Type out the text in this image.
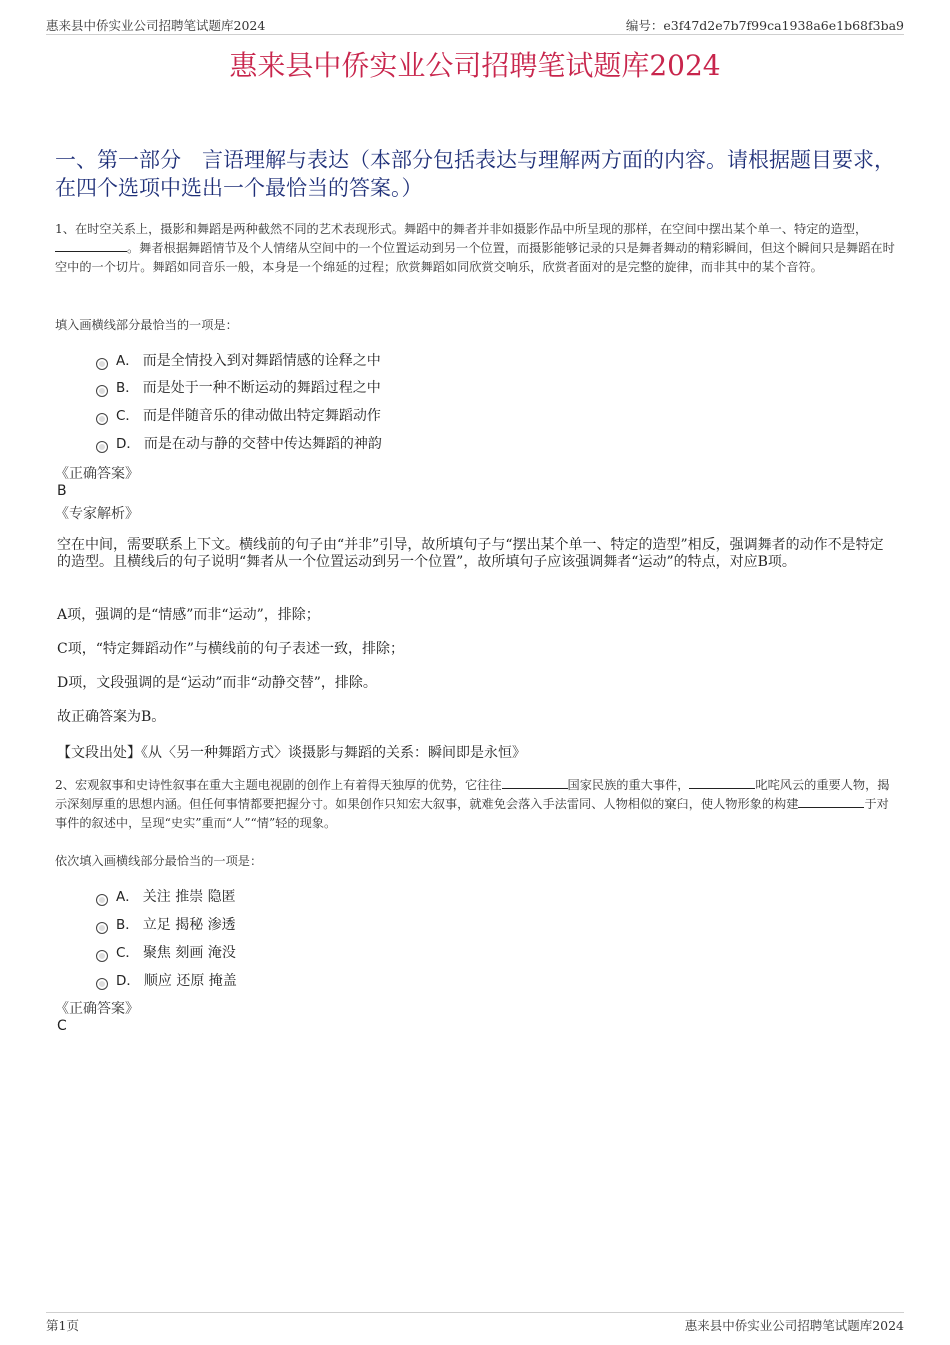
惠来县中侨实业公司招聘笔试题库2024	编号：e3f47d2e7b7f99ca1938a6e1b68f3ba9
惠来县中侨实业公司招聘笔试题库2024
一、第一部分　言语理解与表达（本部分包括表达与理解两方面的内容。请根据题目要求，在四个选项中选出一个最恰当的答案。）
1、在时空关系上，摄影和舞蹈是两种截然不同的艺术表现形式。舞蹈中的舞者并非如摄影作品中所呈现的那样，在空间中摆出某个单一、特定的造型，。舞者根据舞蹈情节及个人情绪从空间中的一个位置运动到另一个位置，而摄影能够记录的只是舞者舞动的精彩瞬间，但这个瞬间只是舞蹈在时空中的一个切片。舞蹈如同音乐一般，本身是一个绵延的过程；欣赏舞蹈如同欣赏交响乐，欣赏者面对的是完整的旋律，而非其中的某个音符。
填入画横线部分最恰当的一项是：
A． 而是全情投入到对舞蹈情感的诠释之中
B． 而是处于一种不断运动的舞蹈过程之中
C． 而是伴随音乐的律动做出特定舞蹈动作
D． 而是在动与静的交替中传达舞蹈的神韵
《正确答案》
B
《专家解析》
空在中间，需要联系上下文。横线前的句子由“并非”引导，故所填句子与“摆出某个单一、特定的造型”相反，强调舞者的动作不是特定的造型。且横线后的句子说明“舞者从一个位置运动到另一个位置”，故所填句子应该强调舞者“运动”的特点，对应B项。
A项，强调的是“情感”而非“运动”，排除；
C项，“特定舞蹈动作”与横线前的句子表述一致，排除；
D项，文段强调的是“运动”而非“动静交替”，排除。
故正确答案为B。
【文段出处】《从〈另一种舞蹈方式〉谈摄影与舞蹈的关系：瞬间即是永恒》
2、宏观叙事和史诗性叙事在重大主题电视剧的创作上有着得天独厚的优势，它往往	国家民族的重大事件，	叱咤风云的重要人物，揭示深刻厚重的思想内涵。但任何事情都要把握分寸。如果创作只知宏大叙事，就难免会落入手法雷同、人物相似的窠臼，使人物形象的构建	于对事件的叙述中，呈现“史实”重而“人”“情”轻的现象。
依次填入画横线部分最恰当的一项是：
A． 关注 推崇 隐匿
B． 立足 揭秘 渗透
C． 聚焦 刻画 淹没
D． 顺应 还原 掩盖
《正确答案》
C
第1页	惠来县中侨实业公司招聘笔试题库2024
